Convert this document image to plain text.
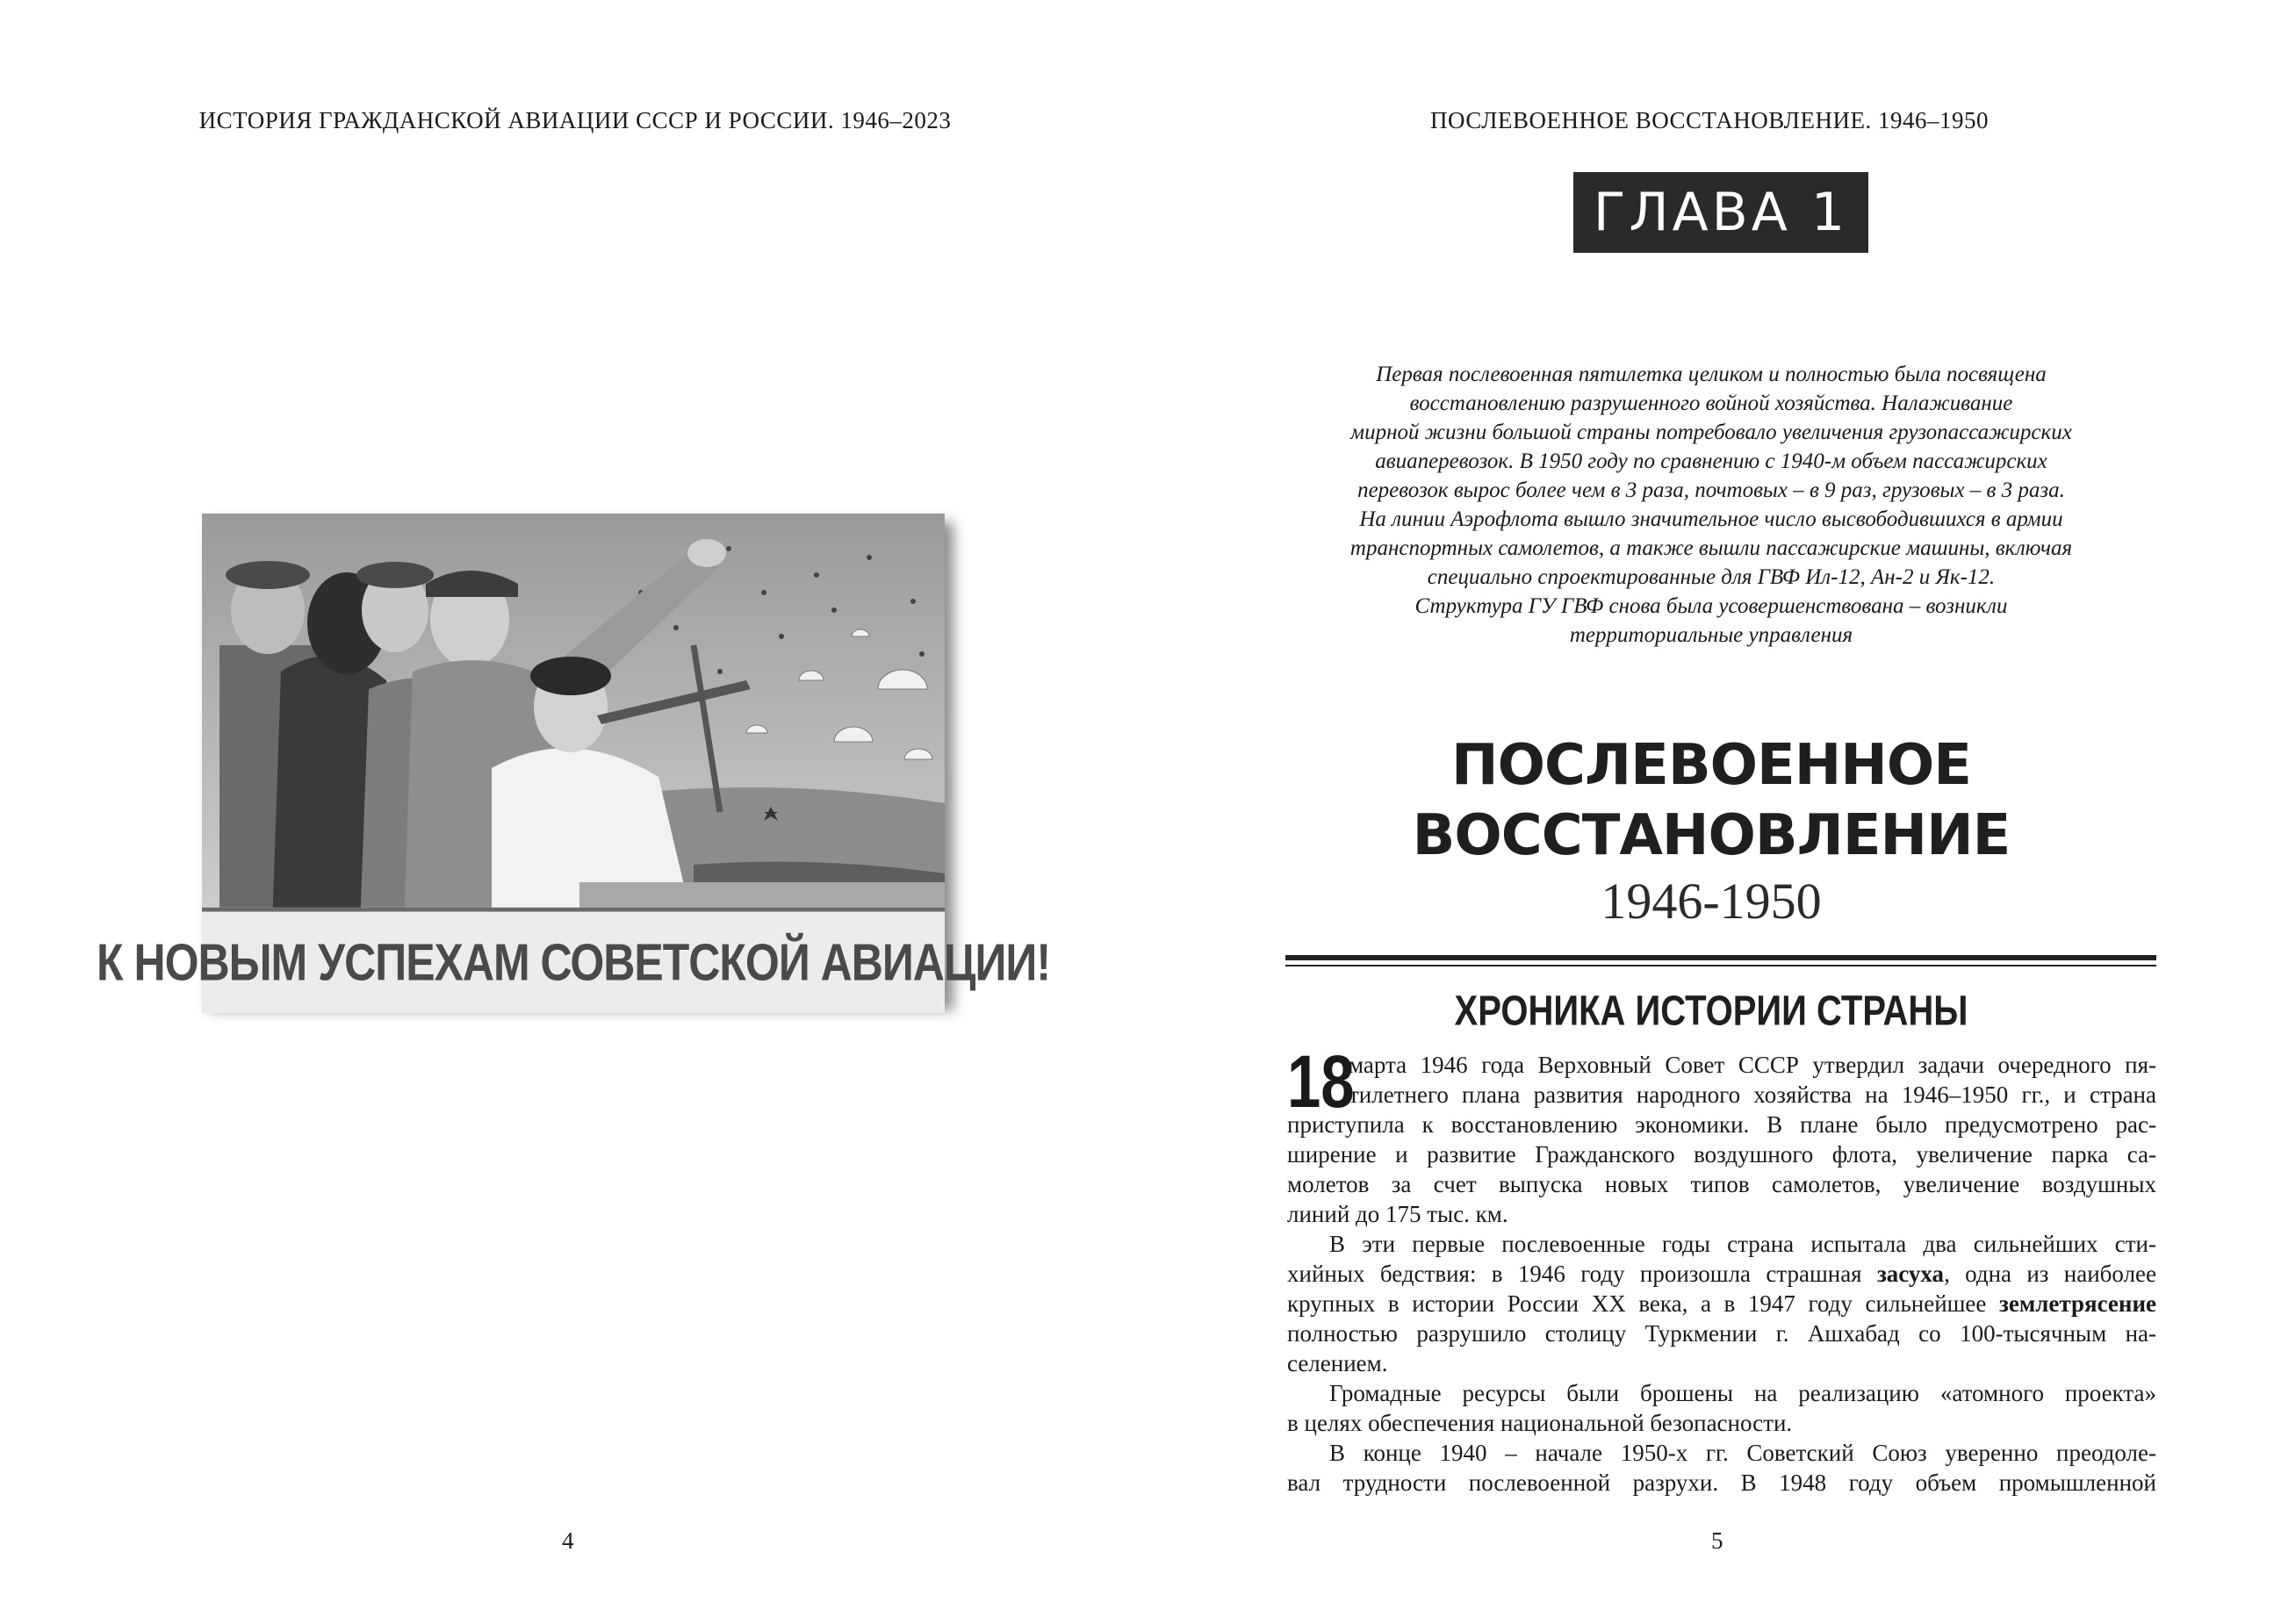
ИСТОРИЯ ГРАЖДАНСКОЙ АВИАЦИИ СССР И РОССИИ. 1946–2023
К НОВЫМ УСПЕХАМ СОВЕТСКОЙ АВИАЦИИ!
4
ПОСЛЕВОЕННОЕ ВОССТАНОВЛЕНИЕ. 1946–1950
ГЛАВА 1
Первая послевоенная пятилетка целиком и полностью была посвящена
восстановлению разрушенного войной хозяйства. Налаживание
мирной жизни большой страны потребовало увеличения грузопассажирских
авиаперевозок. В 1950 году по сравнению с 1940-м объем пассажирских
перевозок вырос более чем в 3 раза, почтовых – в 9 раз, грузовых – в 3 раза.
На линии Аэрофлота вышло значительное число высвободившихся в армии
транспортных самолетов, а также вышли пассажирские машины, включая
специально спроектированные для ГВФ Ил-12, Ан-2 и Як-12.
Структура ГУ ГВФ снова была усовершенствована – возникли
территориальные управления
ПОСЛЕВОЕННОЕ
ВОССТАНОВЛЕНИЕ
1946-1950
ХРОНИКА ИСТОРИИ СТРАНЫ
18
марта 1946 года Верховный Совет СССР утвердил задачи очередного пя-
тилетнего плана развития народного хозяйства на 1946–1950 гг., и страна
приступила к восстановлению экономики. В плане было предусмотрено рас-
ширение и развитие Гражданского воздушного флота, увеличение парка са-
молетов за счет выпуска новых типов самолетов, увеличение воздушных
линий до 175 тыс. км.
В эти первые послевоенные годы страна испытала два сильнейших сти-
хийных бедствия: в 1946 году произошла страшная засуха, одна из наиболее
крупных в истории России XX века, а в 1947 году сильнейшее землетрясение
полностью разрушило столицу Туркмении г. Ашхабад со 100-тысячным на-
селением.
Громадные ресурсы были брошены на реализацию «атомного проекта»
в целях обеспечения национальной безопасности.
В конце 1940 – начале 1950-х гг. Советский Союз уверенно преодоле-
вал трудности послевоенной разрухи. В 1948 году объем промышленной
5
